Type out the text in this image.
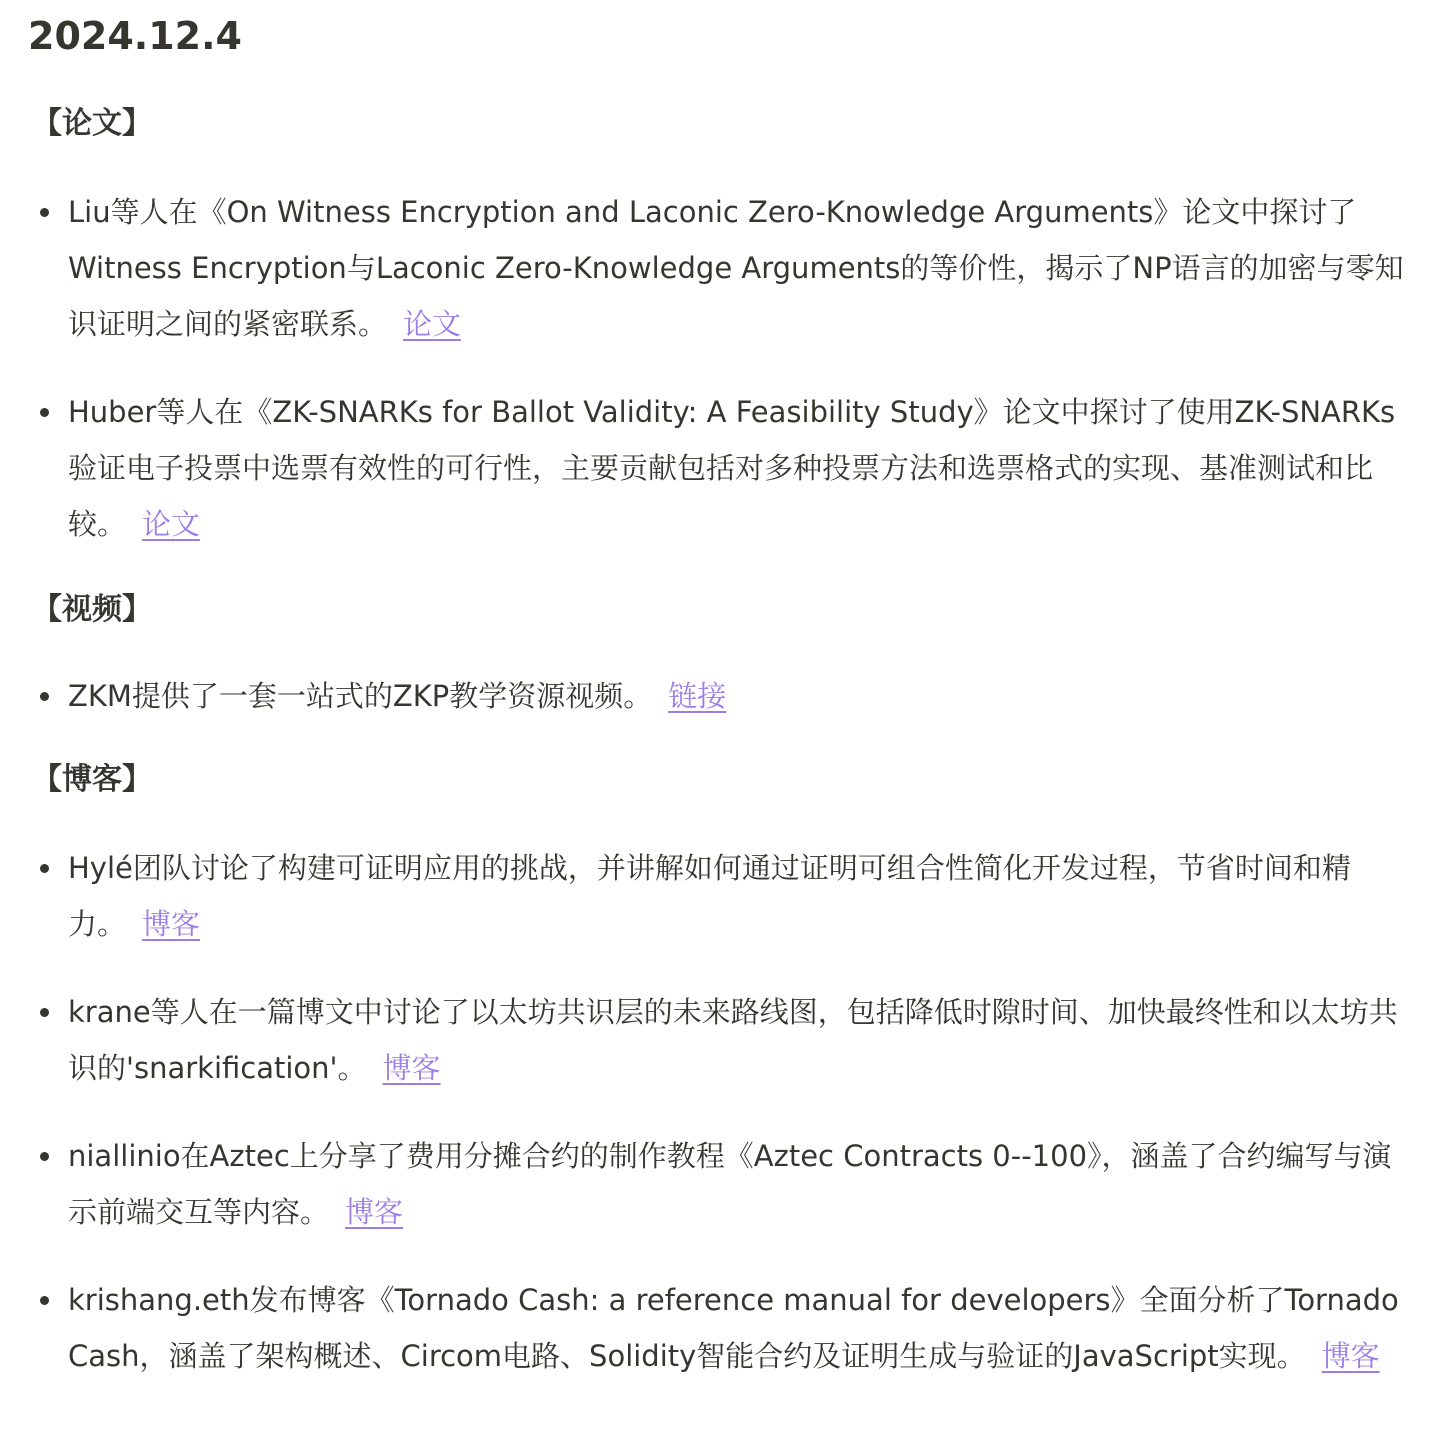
2024.12.4
【论文】
Liu等人在《On Witness Encryption and Laconic Zero-Knowledge Arguments》论文中探讨了Witness Encryption与Laconic Zero-Knowledge Arguments的等价性，揭示了NP语言的加密与零知识证明之间的紧密联系。 论文
Huber等人在《ZK-SNARKs for Ballot Validity: A Feasibility Study》论文中探讨了使用ZK-SNARKs验证电子投票中选票有效性的可行性，主要贡献包括对多种投票方法和选票格式的实现、基准测试和比较。 论文
【视频】
ZKM提供了一套一站式的ZKP教学资源视频。 链接
【博客】
Hylé团队讨论了构建可证明应用的挑战，并讲解如何通过证明可组合性简化开发过程，节省时间和精力。 博客
krane等人在一篇博文中讨论了以太坊共识层的未来路线图，包括降低时隙时间、加快最终性和以太坊共识的'snarkification'。 博客
niallinio在Aztec上分享了费用分摊合约的制作教程《Aztec Contracts 0--100》，涵盖了合约编写与演示前端交互等内容。 博客
krishang.eth发布博客《Tornado Cash: a reference manual for developers》全面分析了Tornado Cash，涵盖了架构概述、Circom电路、Solidity智能合约及证明生成与验证的JavaScript实现。 博客
